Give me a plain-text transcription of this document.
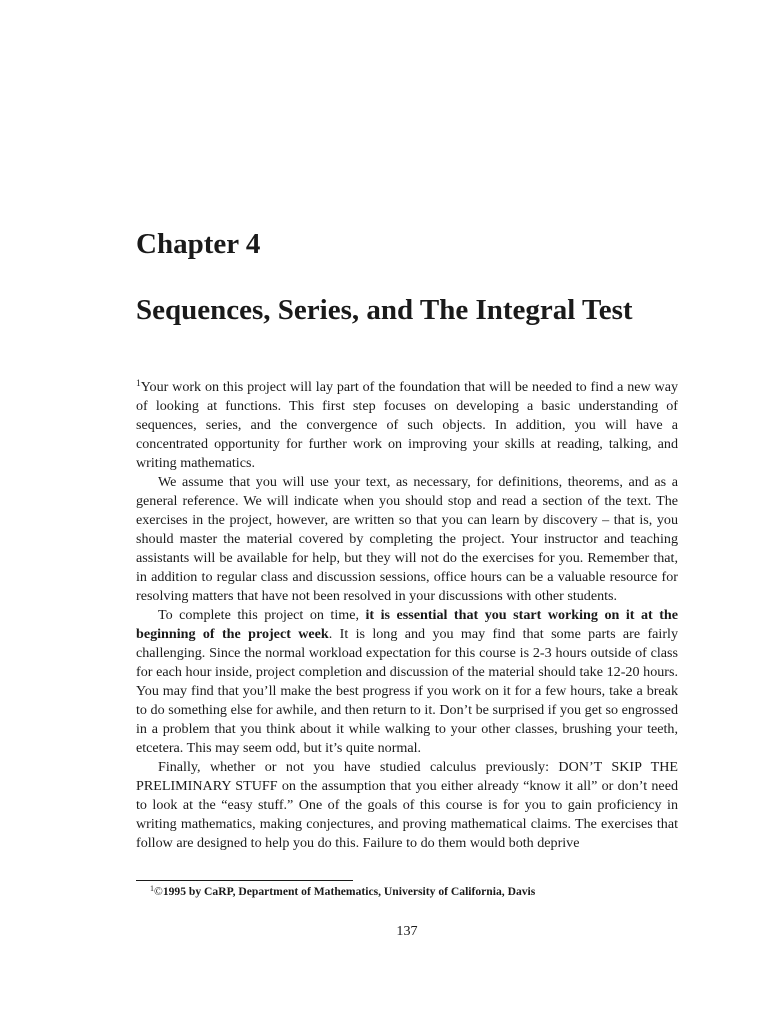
Chapter 4
Sequences, Series, and The Integral Test

$^1$Your work on this project will lay part of the foundation that will be needed to find a new way of looking at functions. This first step focuses on developing a basic understanding of sequences, series, and the convergence of such objects. In addition, you will have a concentrated opportunity for further work on improving your skills at reading, talking, and writing mathematics.

We assume that you will use your text, as necessary, for definitions, theorems, and as a general reference. We will indicate when you should stop and read a section of the text. The exercises in the project, however, are written so that you can learn by discovery – that is, you should master the material covered by completing the project. Your instructor and teaching assistants will be available for help, but they will not do the exercises for you. Remember that, in addition to regular class and discussion sessions, office hours can be a valuable resource for resolving matters that have not been resolved in your discussions with other students.

To complete this project on time, it is essential that you start working on it at the beginning of the project week. It is long and you may find that some parts are fairly challenging. Since the normal workload expectation for this course is 2-3 hours outside of class for each hour inside, project completion and discussion of the material should take 12-20 hours. You may find that you’ll make the best progress if you work on it for a few hours, take a break to do something else for awhile, and then return to it. Don’t be surprised if you get so engrossed in a problem that you think about it while walking to your other classes, brushing your teeth, etcetera. This may seem odd, but it’s quite normal.

Finally, whether or not you have studied calculus previously: DON’T SKIP THE PRELIMINARY STUFF on the assumption that you either already “know it all” or don’t need to look at the “easy stuff.” One of the goals of this course is for you to gain proficiency in writing mathematics, making conjectures, and proving mathematical claims. The exercises that follow are designed to help you do this. Failure to do them would both deprive

$^1$©1995 by CaRP, Department of Mathematics, University of California, Davis
137
